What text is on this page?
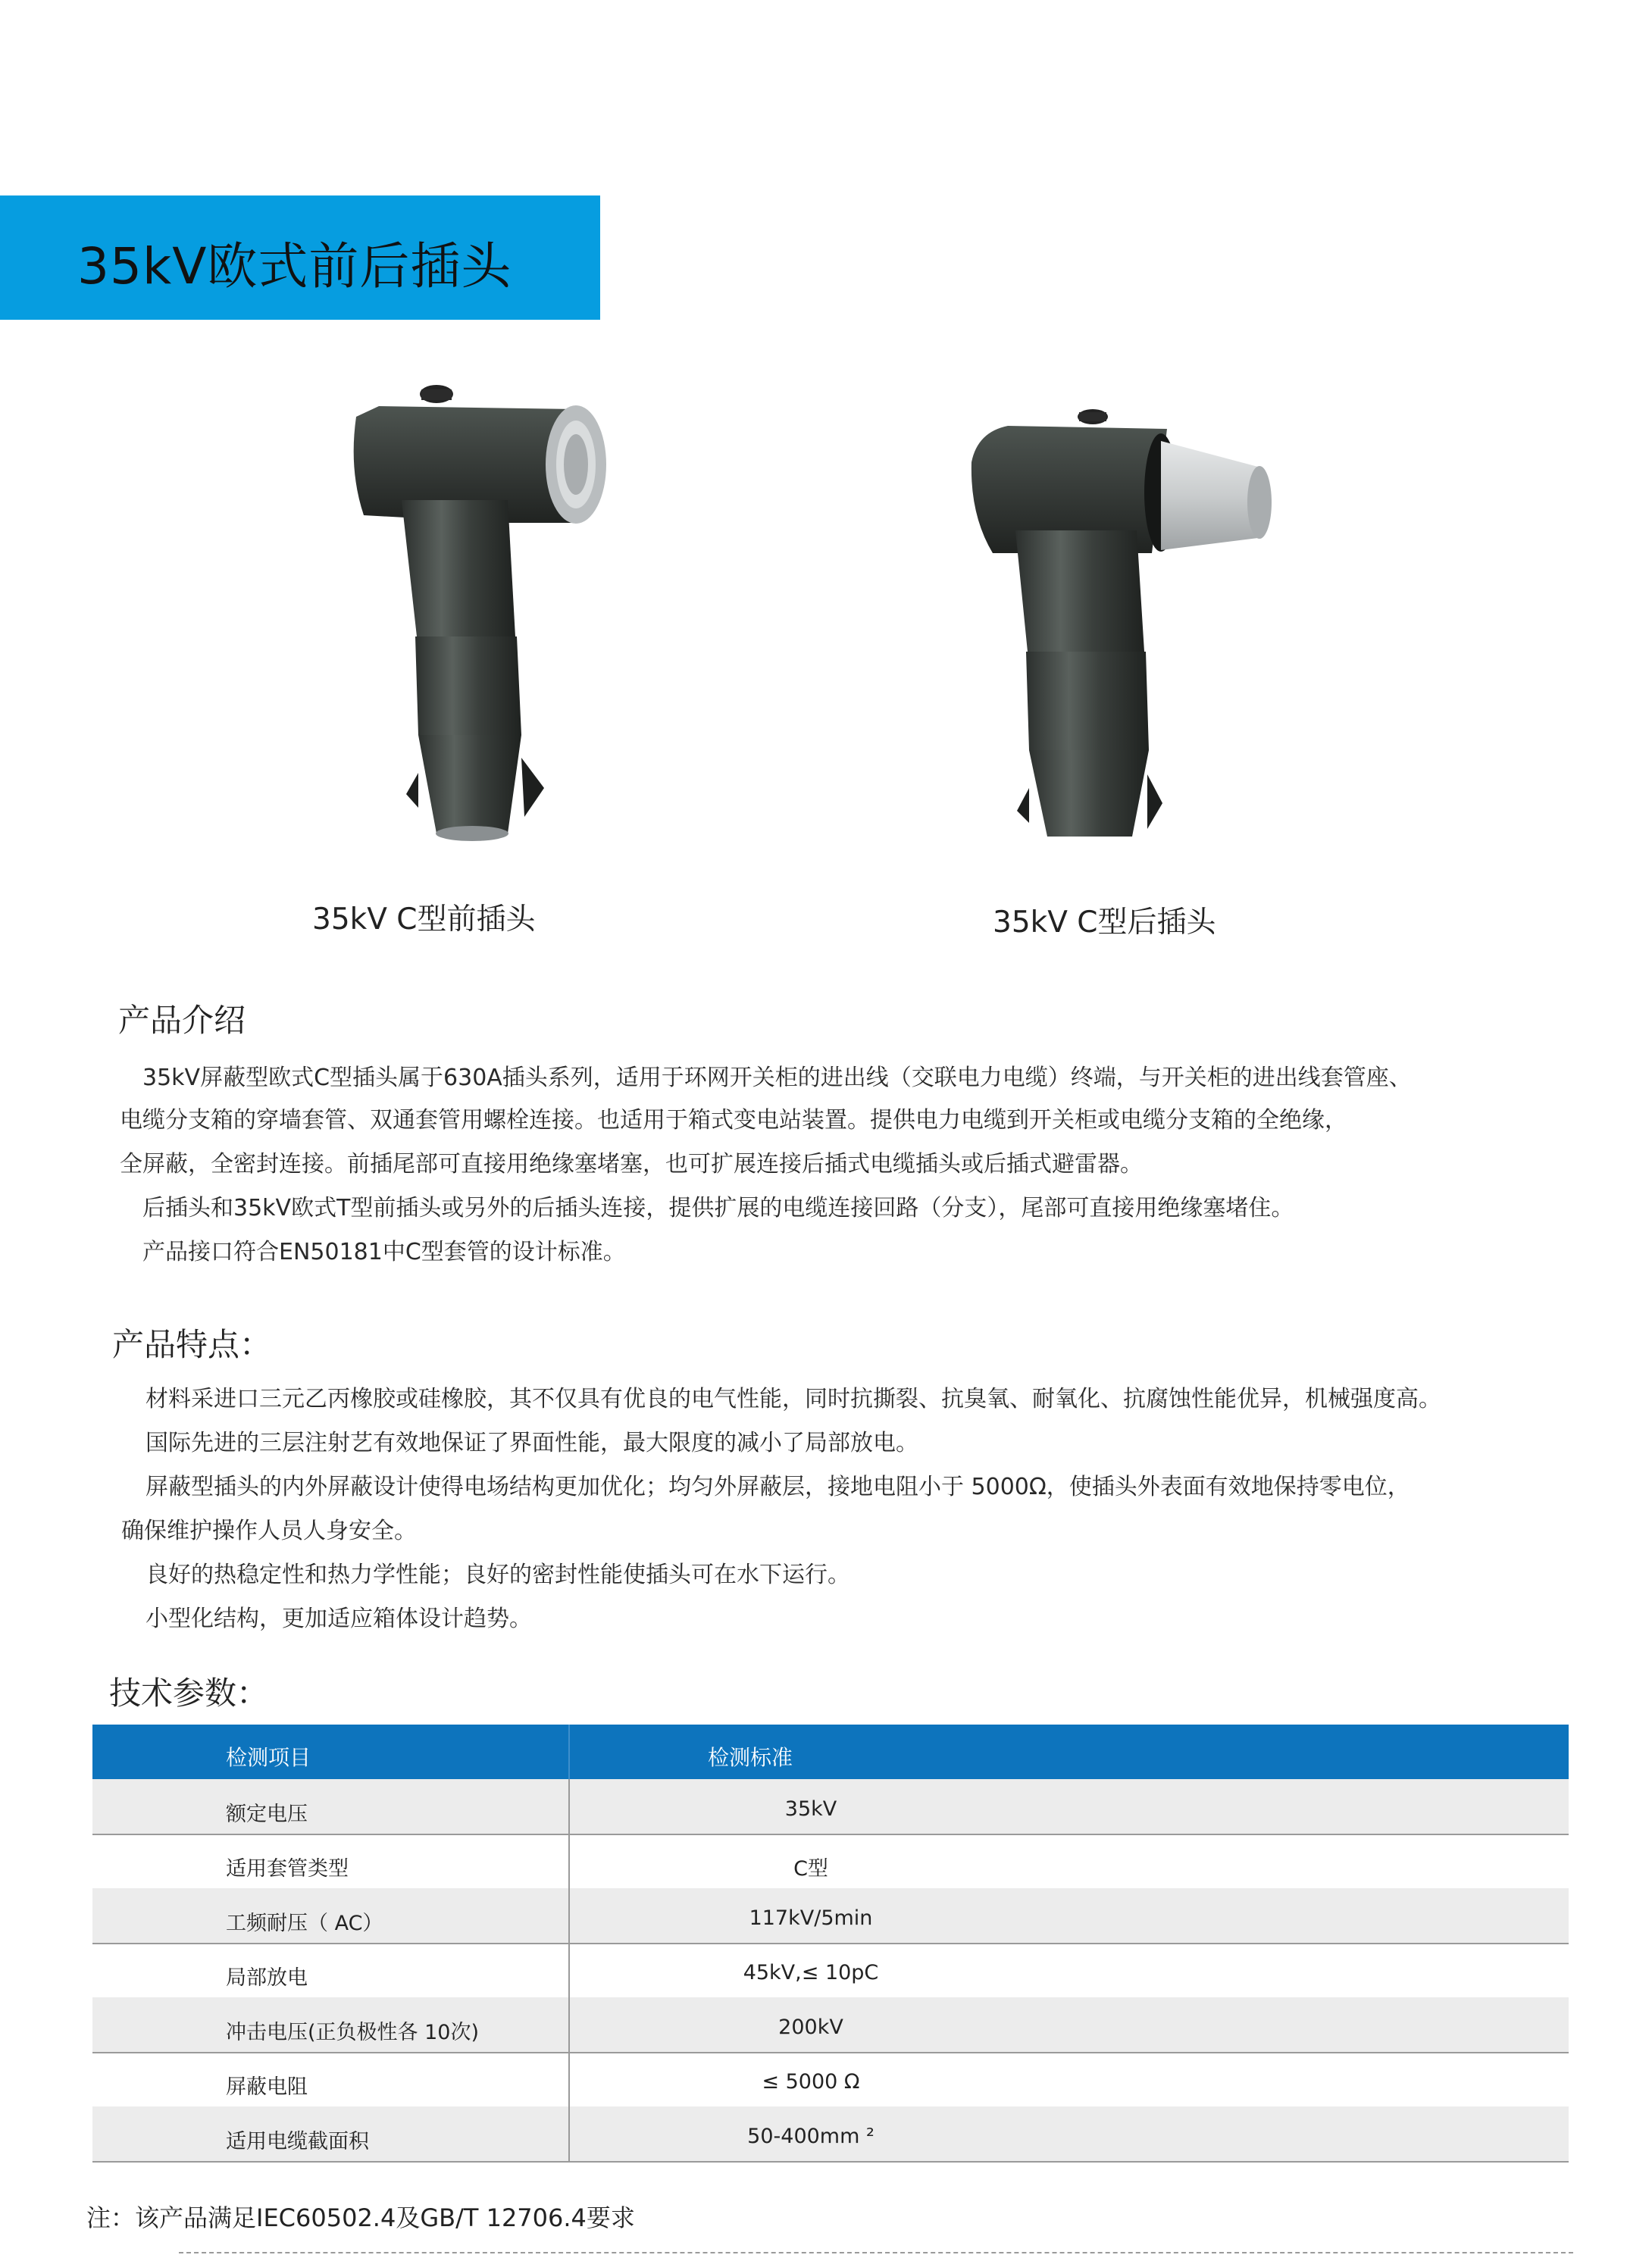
35kV欧式前后插头
35kV C型前插头	35kV C型后插头
产品介绍
35kV屏蔽型欧式C型插头属于630A插头系列，适用于环网开关柜的进出线（交联电力电缆）终端，与开关柜的进出线套管座、
电缆分支箱的穿墙套管、双通套管用螺栓连接。也适用于箱式变电站装置。提供电力电缆到开关柜或电缆分支箱的全绝缘，
全屏蔽，全密封连接。前插尾部可直接用绝缘塞堵塞，也可扩展连接后插式电缆插头或后插式避雷器。
后插头和35kV欧式T型前插头或另外的后插头连接，提供扩展的电缆连接回路（分支），尾部可直接用绝缘塞堵住。
产品接口符合EN50181中C型套管的设计标准。
产品特点：
材料采进口三元乙丙橡胶或硅橡胶，其不仅具有优良的电气性能，同时抗撕裂、抗臭氧、耐氧化、抗腐蚀性能优异，机械强度高。
国际先进的三层注射艺有效地保证了界面性能，最大限度的减小了局部放电。
屏蔽型插头的内外屏蔽设计使得电场结构更加优化；均匀外屏蔽层，接地电阻小于 5000Ω，使插头外表面有效地保持零电位，
确保维护操作人员人身安全。
良好的热稳定性和热力学性能；良好的密封性能使插头可在水下运行。
小型化结构，更加适应箱体设计趋势。
技术参数：
检测项目	检测标准
额定电压	35kV
适用套管类型	C型
工频耐压（ AC）	117kV/5min
局部放电	45kV,≤ 10pC
冲击电压(正负极性各 10次)	200kV
屏蔽电阻	≤ 5000 Ω
适用电缆截面积	50-400mm ²
注：该产品满足IEC60502.4及GB/T 12706.4要求
